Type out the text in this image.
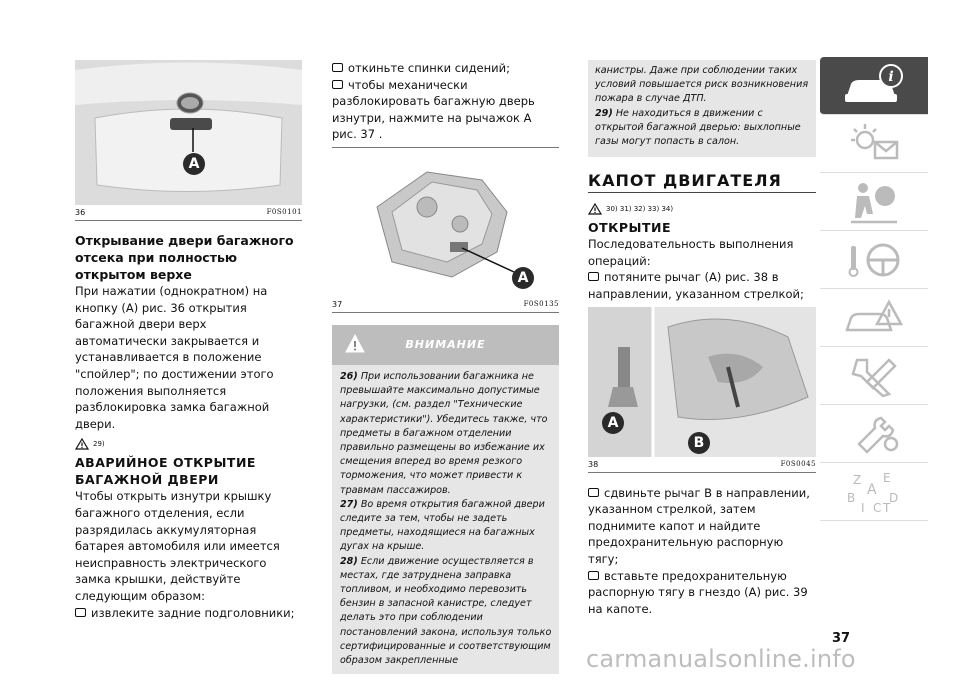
A
36	F0S0101
Открывание двери багажного отсека при полностью открытом верхе

При нажатии (однократном) на кнопку (А) рис. 36 открытия багажной двери верх автоматически закрывается и устанавливается в положение "спойлер"; по достижении этого положения выполняется разблокировка замка багажной двери.

29)
АВАРИЙНОЕ ОТКРЫТИЕ БАГАЖНОЙ ДВЕРИ

Чтобы открыть изнутри крышку багажного отделения, если разрядилась аккумуляторная батарея автомобиля или имеется неисправность электрического замка крышки, действуйте следующим образом:

извлеките задние подголовники;
откиньте спинки сидений;
чтобы механически разблокировать багажную дверь изнутри, нажмите на рычажок А рис. 37 .
A
37	F0S0135
ВНИМАНИЕ
26) При использовании багажника не превышайте максимально допустимые нагрузки, (см. раздел "Технические характеристики"). Убедитесь также, что предметы в багажном отделении правильно размещены во избежание их смещения вперед во время резкого торможения, что может привести к травмам пассажиров.
27) Во время открытия багажной двери следите за тем, чтобы не задеть предметы, находящиеся на багажных дугах на крыше.
28) Если движение осуществляется в местах, где затруднена заправка топливом, и необходимо перевозить бензин в запасной канистре, следует делать это при соблюдении постановлений закона, используя только сертифицированные и соответствующим образом закрепленные
канистры. Даже при соблюдении таких условий повышается риск возникновения пожара в случае ДТП.
29) Не находиться в движении с открытой багажной дверью: выхлопные газы могут попасть в салон.
КАПОТ ДВИГАТЕЛЯ
30) 31) 32) 33) 34)
ОТКРЫТИЕ

Последовательность выполнения операций:

потяните рычаг (A) рис. 38 в направлении, указанном стрелкой;
A
B
38	F0S0045
сдвиньте рычаг B в направлении, указанном стрелкой, затем поднимите капот и найдите предохранительную распорную тягу;
вставьте предохранительную распорную тягу в гнездо (A) рис. 39 на капоте.
i
Z E
A
B	D
I C T
37
carmanualsonline.info
